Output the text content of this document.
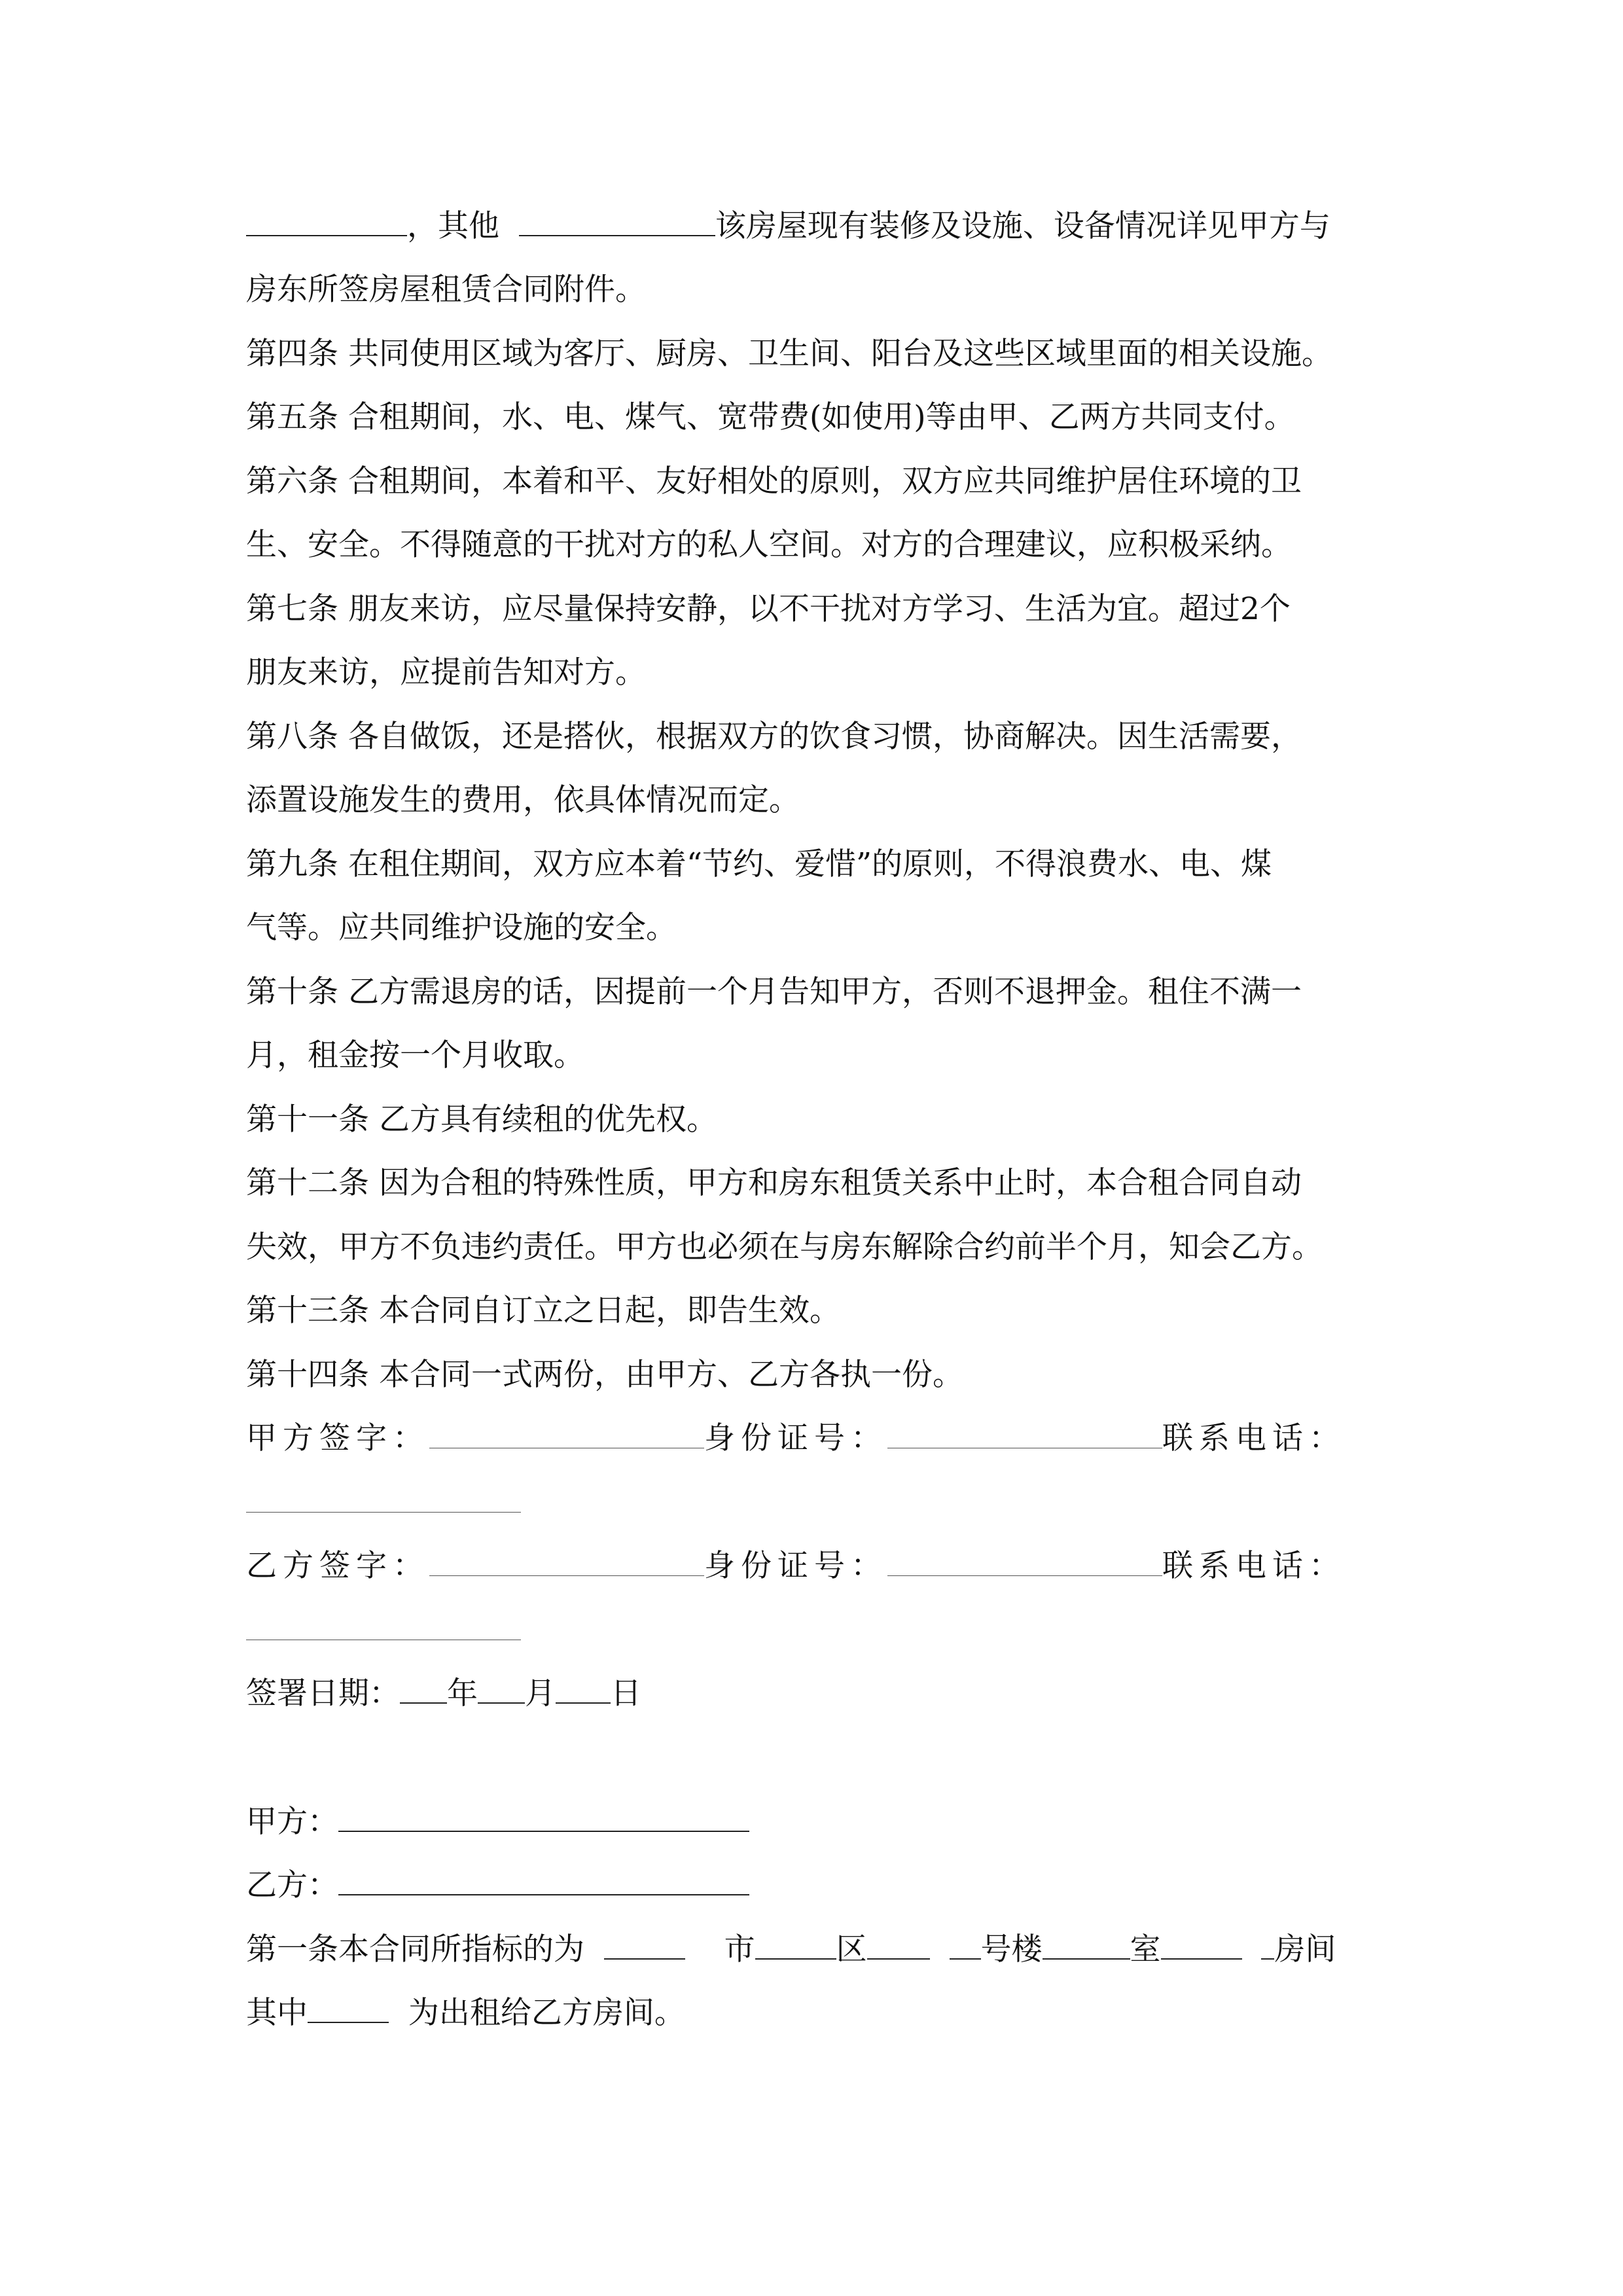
，其他	该房屋现有装修及设施、设备情况详见甲方与
房东所签房屋租赁合同附件。
第四条 共同使用区域为客厅、厨房、卫生间、阳台及这些区域里面的相关设施。
第五条 合租期间，水、电、煤气、宽带费(如使用)等由甲、乙两方共同支付。
第六条 合租期间，本着和平、友好相处的原则，双方应共同维护居住环境的卫
生、安全。不得随意的干扰对方的私人空间。对方的合理建议，应积极采纳。
第七条 朋友来访，应尽量保持安静，以不干扰对方学习、生活为宜。超过2个
朋友来访，应提前告知对方。
第八条 各自做饭，还是搭伙，根据双方的饮食习惯，协商解决。因生活需要，
添置设施发生的费用，依具体情况而定。
第九条 在租住期间，双方应本着“节约、爱惜”的原则，不得浪费水、电、煤
气等。应共同维护设施的安全。
第十条 乙方需退房的话，因提前一个月告知甲方，否则不退押金。租住不满一
月，租金按一个月收取。
第十一条 乙方具有续租的优先权。
第十二条 因为合租的特殊性质，甲方和房东租赁关系中止时，本合租合同自动
失效，甲方不负违约责任。甲方也必须在与房东解除合约前半个月，知会乙方。
第十三条 本合同自订立之日起，即告生效。
第十四条 本合同一式两份，由甲方、乙方各执一份。
甲方签字：	身份证号：	联系电话：
乙方签字：	身份证号：	联系电话：
签署日期： 年 月 日
甲方：
乙方：
第一条本合同所指标的为	市	区	号楼	室	房间
其中	为出租给乙方房间。
